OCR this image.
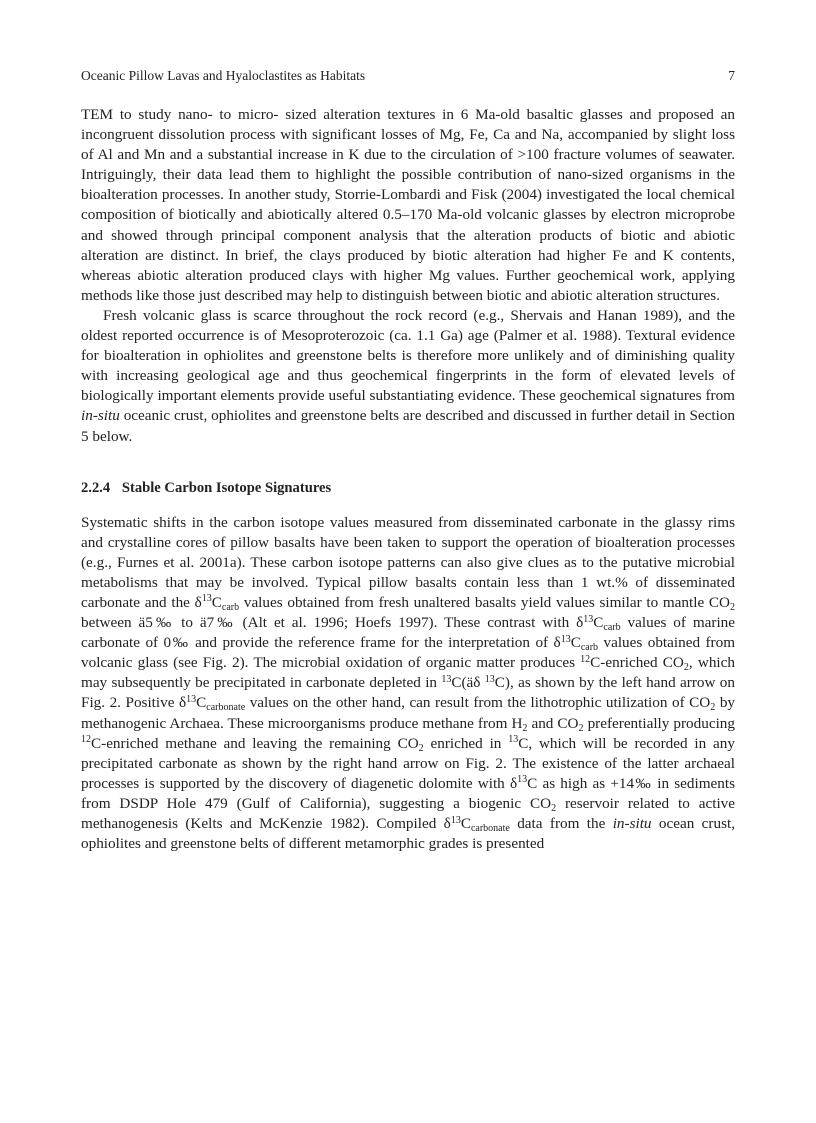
Oceanic Pillow Lavas and Hyaloclastites as Habitats	7

TEM to study nano- to micro- sized alteration textures in 6 Ma-old basaltic glasses and proposed an incongruent dissolution process with significant losses of Mg, Fe, Ca and Na, accompanied by slight loss of Al and Mn and a substantial increase in K due to the circulation of >100 fracture volumes of seawater. Intriguingly, their data lead them to highlight the possible contribution of nano-sized organisms in the bioalteration processes. In another study, Storrie-Lombardi and Fisk (2004) investigated the local chemical composition of biotically and abiotically altered 0.5–170 Ma-old volcanic glasses by electron microprobe and showed through principal component analysis that the alteration products of biotic and abiotic alteration are distinct. In brief, the clays produced by biotic alteration had higher Fe and K contents, whereas abiotic alteration produced clays with higher Mg values. Further geochemical work, applying methods like those just described may help to distinguish between biotic and abiotic alteration structures.

Fresh volcanic glass is scarce throughout the rock record (e.g., Shervais and Hanan 1989), and the oldest reported occurrence is of Mesoproterozoic (ca. 1.1 Ga) age (Palmer et al. 1988). Textural evidence for bioalteration in ophiolites and greenstone belts is therefore more unlikely and of diminishing quality with increasing geological age and thus geochemical fingerprints in the form of elevated levels of biologically important elements provide useful substantiating evidence. These geochemical signatures from in-situ oceanic crust, ophiolites and greenstone belts are described and discussed in further detail in Section 5 below.

2.2.4 Stable Carbon Isotope Signatures

Systematic shifts in the carbon isotope values measured from disseminated carbonate in the glassy rims and crystalline cores of pillow basalts have been taken to support the operation of bioalteration processes (e.g., Furnes et al. 2001a). These carbon isotope patterns can also give clues as to the putative microbial metabolisms that may be involved. Typical pillow basalts contain less than 1 wt.% of disseminated carbonate and the $\delta^{13}C_{carb}$ values obtained from fresh unaltered basalts yield values similar to mantle $CO_2$ between ä5‰ to ä7‰ (Alt et al. 1996; Hoefs 1997). These contrast with $\delta^{13}C_{carb}$ values of marine carbonate of 0‰ and provide the reference frame for the interpretation of $\delta^{13}C_{carb}$ values obtained from volcanic glass (see Fig. 2). The microbial oxidation of organic matter produces $^{12}$C-enriched $CO_2$, which may subsequently be precipitated in carbonate depleted in $^{13}$C(äδ $^{13}$C), as shown by the left hand arrow on Fig. 2. Positive $\delta^{13}C_{carbonate}$ values on the other hand, can result from the lithotrophic utilization of $CO_2$ by methanogenic Archaea. These microorganisms produce methane from $H_2$ and $CO_2$ preferentially producing $^{12}$C-enriched methane and leaving the remaining $CO_2$ enriched in $^{13}$C, which will be recorded in any precipitated carbonate as shown by the right hand arrow on Fig. 2. The existence of the latter archaeal processes is supported by the discovery of diagenetic dolomite with $\delta^{13}C$ as high as +14‰ in sediments from DSDP Hole 479 (Gulf of California), suggesting a biogenic $CO_2$ reservoir related to active methanogenesis (Kelts and McKenzie 1982). Compiled $\delta^{13}C_{carbonate}$ data from the in-situ ocean crust, ophiolites and greenstone belts of different metamorphic grades is presented
